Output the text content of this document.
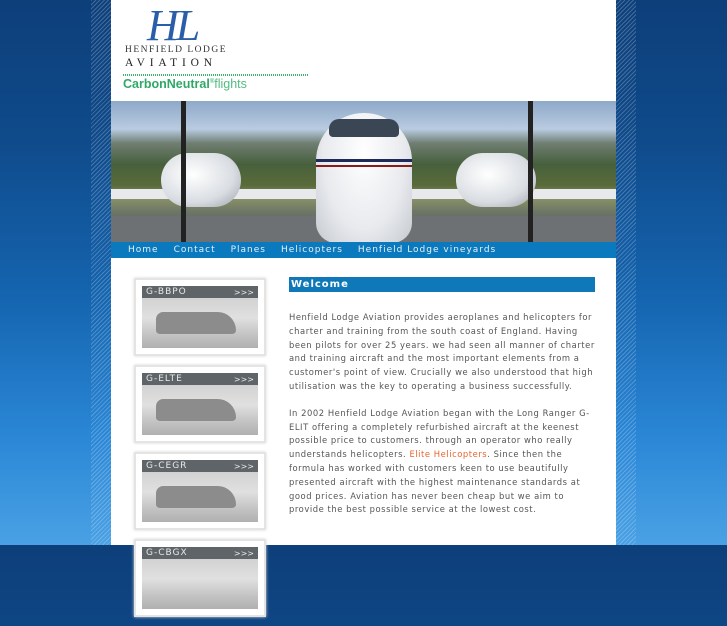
HL
HENFIELD LODGE
AVIATION
CarbonNeutral®flights
Home Contact Planes Helicopters Henfield Lodge vineyards
G-BBPO	>>>
G-ELTE	>>>
G-CEGR	>>>
G-CBGX	>>>
Welcome

Henfield Lodge Aviation provides aeroplanes and helicopters for charter and training from the south coast of England. Having been pilots for over 25 years. we had seen all manner of charter and training aircraft and the most important elements from a customer's point of view. Crucially we also understood that high utilisation was the key to operating a business successfully.

In 2002 Henfield Lodge Aviation began with the Long Ranger G-ELIT offering a completely refurbished aircraft at the keenest possible price to customers. through an operator who really understands helicopters. Elite Helicopters. Since then the formula has worked with customers keen to use beautifully presented aircraft with the highest maintenance standards at good prices. Aviation has never been cheap but we aim to provide the best possible service at the lowest cost.
